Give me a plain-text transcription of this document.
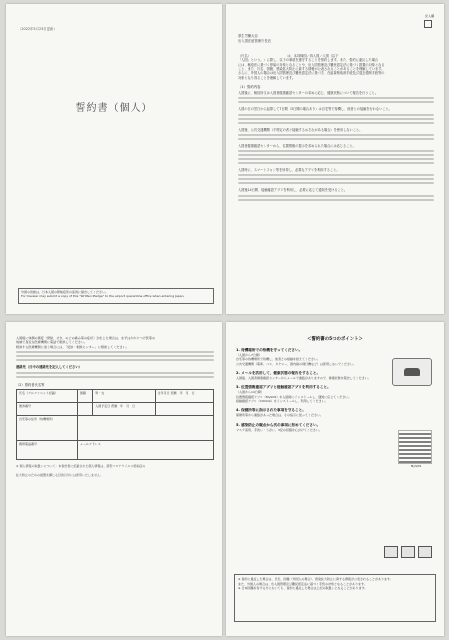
（2022年5月23日更新）
誓約書（個人）
外国の皆様は、日本入国の際検疫所の係員に提出してください。
For traveler may submit a copy of this "Written Pledge" to the airport quarantine office when entering Japan.
記入欄
厚生労働大臣
出入国在留管理庁長官
（氏名）　　　　　　　　　　　　は、本邦帰国／再入国／入国（以下
「入国」という。）に際し、以下の事項を遵守することを誓約します。また、誓約に違反した場合
には、検疫法に基づく停留の対象となることや、出入国管理及び難民認定法に基づく措置の対象となる
こと、また、氏名、国籍、感染拡大防止に資する情報が公表されることがあることを理解しています。
さらに、外国人の場合は出入国管理及び難民認定法に基づき、在留資格取消手続及び退去強制手続等の
対象となり得ることを理解しています。
（1）誓約内容
入国後に、検疫所又は入国者健康確認センターの求めに応じ、健康状態について報告を行うこと。
入国の日の翌日から起算して7日間（3日間の場合あり）は自宅等で待機し、他者との接触を行わないこと。
入国後、公共交通機関（不特定の者と接触するおそれがある場合）を使用しないこと。
入国者健康確認センターから、位置情報の提示を求められた場合には応じること。
入国時に、スマートフォン等を所持し、必要なアプリを利用すること。
入国後14日間、接触確認アプリを利用し、必要に応じて通知を受けること。
入国後に体調の異変（発熱、せき、のどの痛み等の症状）が生じた場合は、まずはかかりつけ医等の
地域で身近な医療機関に電話で相談してください。
相談する医療機関に迷う場合には、「受診・相談センター」に相談してください。
連絡先（日中の連絡先を記入してください）
（2）誓約者氏名等
氏名（アルファベット記載）	国籍	男・女	生年月日 西暦　年　月　日
旅券番号		入国予定日 西暦　年　月　日	
自宅等の住所（待機場所）			
携帯電話番号	メールアドレス		
※ 個人情報の取扱いについて：本誓約書に記載された個人情報は、新型コロナウイルス感染症の
拡大防止のための措置を講じる目的以外には使用いたしません。
＜誓約書の5つのポイント＞
1. 待機場所での待機を守ってください。
（入国から7日間）
自宅等の待機場所で待機し、他者との接触を控えてください。
公共交通機関（電車、バス、タクシー、国内線の飛行機など）は使用しないでください。
2. メールを活用して、健康状態の報告をすること。
入国後、入国者健康確認センターからメールで連絡がありますので、健康状態を報告してください。
3. 位置情報確認アプリと接触確認アプリを利用すること。
（入国から14日間）
位置情報確認アプリ（MySOS）を入国時にインストールし、通知に応じてください。
接触確認アプリ（COCOA）をインストールし、利用してください。
4. 保健所等に指示された事項を守ること。
保健所等から連絡があった場合は、その指示に従ってください。
5. 感染防止の観点から次の事項に努めてください。
マスク着用、手洗い・うがい、3密の回避を心がけてください。
MySOS
※ 誓約に違反した場合は、氏名、国籍（外国人の場合）、感染拡大防止に資する情報が公表されることがあります。
また、外国人の場合は、出入国管理及び難民認定法に基づく手続の対象となることがあります。
※ 日本国籍を有する方においても、誓約に違反した場合は上記の取扱いとなることがあります。
